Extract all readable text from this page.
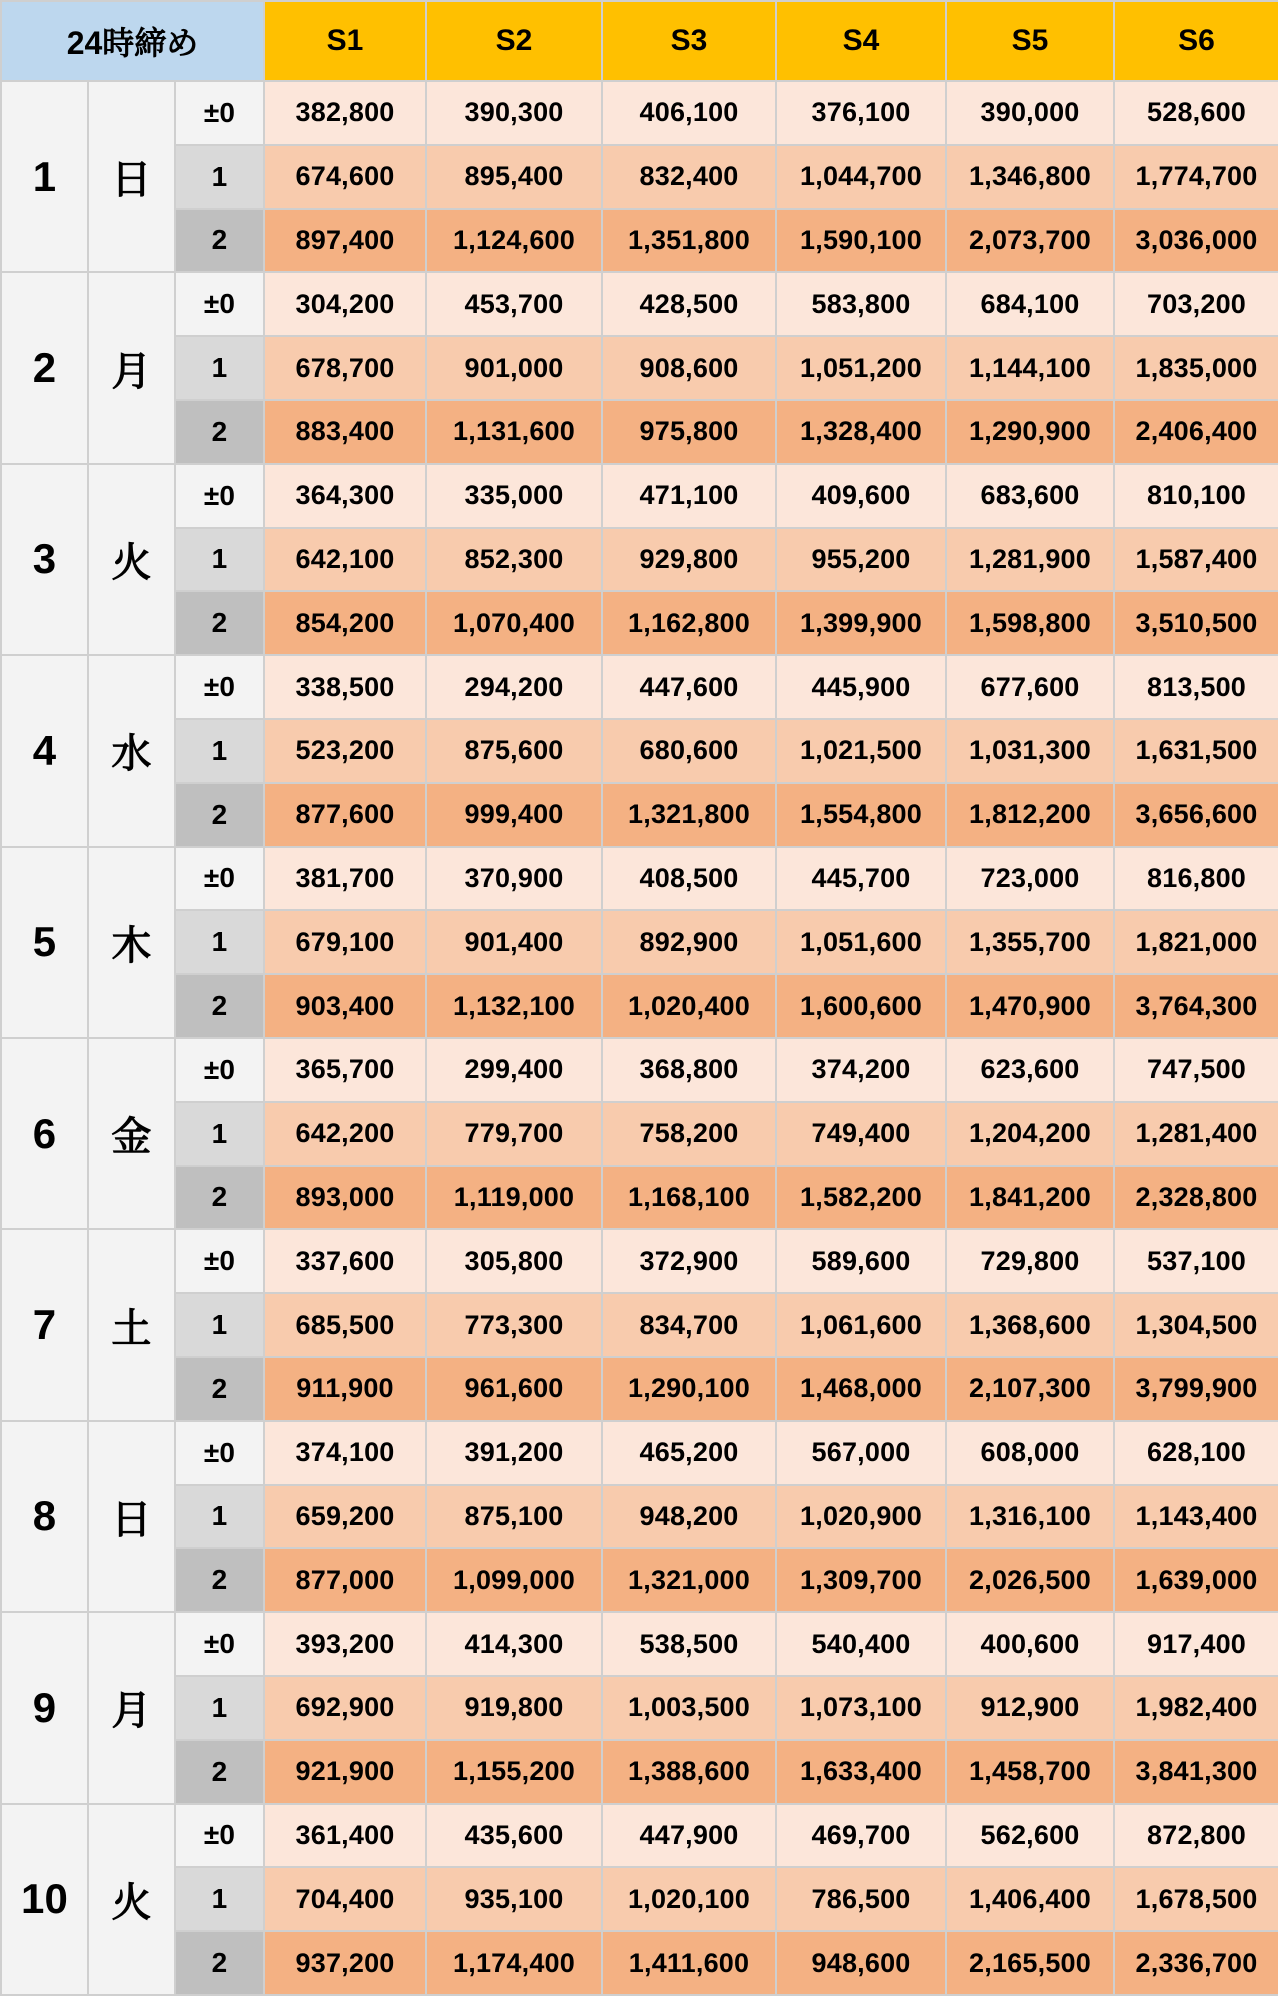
24時締め			S1	S2	S3	S4	S5	S6
1	日	±0	382,800	390,300	406,100	376,100	390,000	528,600
		1	674,600	895,400	832,400	1,044,700	1,346,800	1,774,700
		2	897,400	1,124,600	1,351,800	1,590,100	2,073,700	3,036,000
2	月	±0	304,200	453,700	428,500	583,800	684,100	703,200
		1	678,700	901,000	908,600	1,051,200	1,144,100	1,835,000
		2	883,400	1,131,600	975,800	1,328,400	1,290,900	2,406,400
3	火	±0	364,300	335,000	471,100	409,600	683,600	810,100
		1	642,100	852,300	929,800	955,200	1,281,900	1,587,400
		2	854,200	1,070,400	1,162,800	1,399,900	1,598,800	3,510,500
4	水	±0	338,500	294,200	447,600	445,900	677,600	813,500
		1	523,200	875,600	680,600	1,021,500	1,031,300	1,631,500
		2	877,600	999,400	1,321,800	1,554,800	1,812,200	3,656,600
5	木	±0	381,700	370,900	408,500	445,700	723,000	816,800
		1	679,100	901,400	892,900	1,051,600	1,355,700	1,821,000
		2	903,400	1,132,100	1,020,400	1,600,600	1,470,900	3,764,300
6	金	±0	365,700	299,400	368,800	374,200	623,600	747,500
		1	642,200	779,700	758,200	749,400	1,204,200	1,281,400
		2	893,000	1,119,000	1,168,100	1,582,200	1,841,200	2,328,800
7	土	±0	337,600	305,800	372,900	589,600	729,800	537,100
		1	685,500	773,300	834,700	1,061,600	1,368,600	1,304,500
		2	911,900	961,600	1,290,100	1,468,000	2,107,300	3,799,900
8	日	±0	374,100	391,200	465,200	567,000	608,000	628,100
		1	659,200	875,100	948,200	1,020,900	1,316,100	1,143,400
		2	877,000	1,099,000	1,321,000	1,309,700	2,026,500	1,639,000
9	月	±0	393,200	414,300	538,500	540,400	400,600	917,400
		1	692,900	919,800	1,003,500	1,073,100	912,900	1,982,400
		2	921,900	1,155,200	1,388,600	1,633,400	1,458,700	3,841,300
10	火	±0	361,400	435,600	447,900	469,700	562,600	872,800
		1	704,400	935,100	1,020,100	786,500	1,406,400	1,678,500
		2	937,200	1,174,400	1,411,600	948,600	2,165,500	2,336,700
